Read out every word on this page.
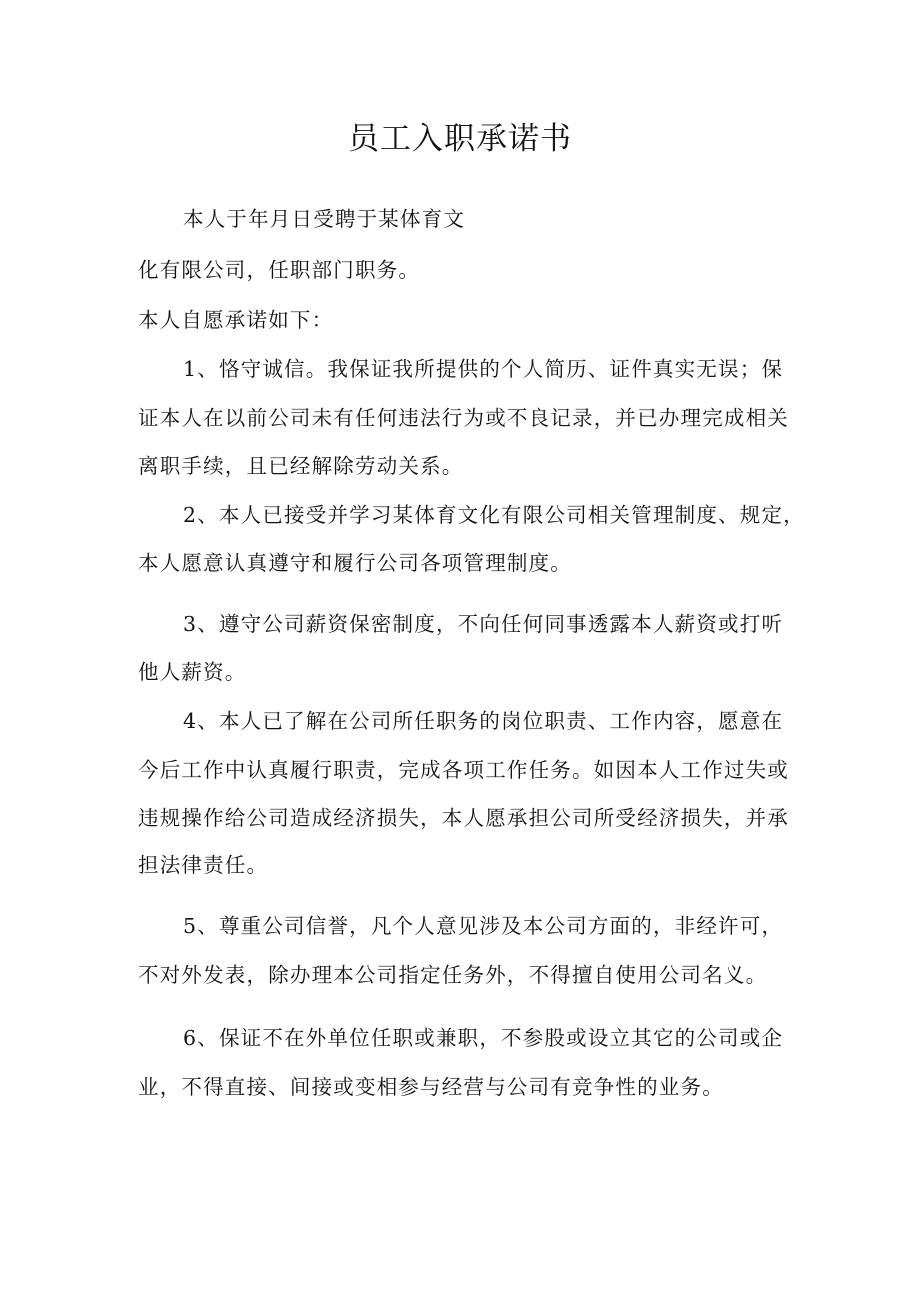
员工入职承诺书
本人于年月日受聘于某体育文
化有限公司，任职部门职务。
本人自愿承诺如下：
1、恪守诚信。我保证我所提供的个人简历、证件真实无误；保
证本人在以前公司未有任何违法行为或不良记录，并已办理完成相关
离职手续，且已经解除劳动关系。
2、本人已接受并学习某体育文化有限公司相关管理制度、规定，
本人愿意认真遵守和履行公司各项管理制度。
3、遵守公司薪资保密制度，不向任何同事透露本人薪资或打听
他人薪资。
4、本人已了解在公司所任职务的岗位职责、工作内容，愿意在
今后工作中认真履行职责，完成各项工作任务。如因本人工作过失或
违规操作给公司造成经济损失，本人愿承担公司所受经济损失，并承
担法律责任。
5、尊重公司信誉，凡个人意见涉及本公司方面的，非经许可，
不对外发表，除办理本公司指定任务外，不得擅自使用公司名义。
6、保证不在外单位任职或兼职，不参股或设立其它的公司或企
业，不得直接、间接或变相参与经营与公司有竞争性的业务。
